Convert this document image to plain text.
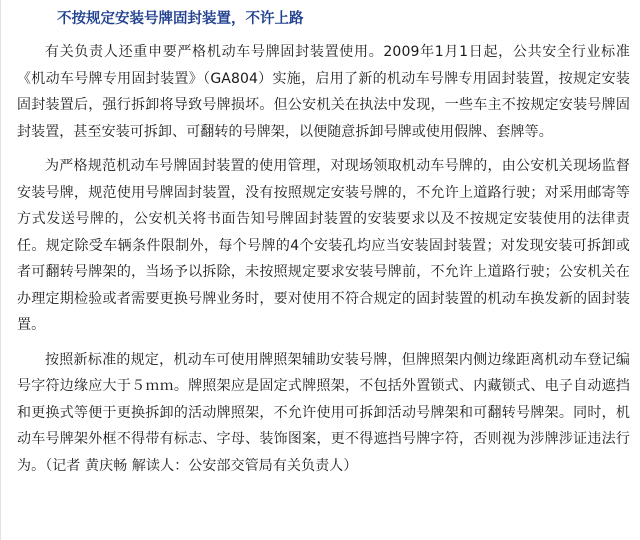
不按规定安装号牌固封装置，不许上路

有关负责人还重申要严格机动车号牌固封装置使用。2009年1月1日起，公共安全行业标准《机动车号牌专用固封装置》（GA804）实施，启用了新的机动车号牌专用固封装置，按规定安装固封装置后，强行拆卸将导致号牌损坏。但公安机关在执法中发现，一些车主不按规定安装号牌固封装置，甚至安装可拆卸、可翻转的号牌架，以便随意拆卸号牌或使用假牌、套牌等。

为严格规范机动车号牌固封装置的使用管理，对现场领取机动车号牌的，由公安机关现场监督安装号牌，规范使用号牌固封装置，没有按照规定安装号牌的，不允许上道路行驶；对采用邮寄等方式发送号牌的，公安机关将书面告知号牌固封装置的安装要求以及不按规定安装使用的法律责任。规定除受车辆条件限制外，每个号牌的4个安装孔均应当安装固封装置；对发现安装可拆卸或者可翻转号牌架的，当场予以拆除，未按照规定要求安装号牌前，不允许上道路行驶；公安机关在办理定期检验或者需要更换号牌业务时，要对使用不符合规定的固封装置的机动车换发新的固封装置。

按照新标准的规定，机动车可使用牌照架辅助安装号牌，但牌照架内侧边缘距离机动车登记编号字符边缘应大于５ｍｍ。牌照架应是固定式牌照架，不包括外置锁式、内藏锁式、电子自动遮挡和更换式等便于更换拆卸的活动牌照架，不允许使用可拆卸活动号牌架和可翻转号牌架。同时，机动车号牌架外框不得带有标志、字母、装饰图案，更不得遮挡号牌字符，否则视为涉牌涉证违法行为。（记者 黄庆畅 解读人：公安部交管局有关负责人）
